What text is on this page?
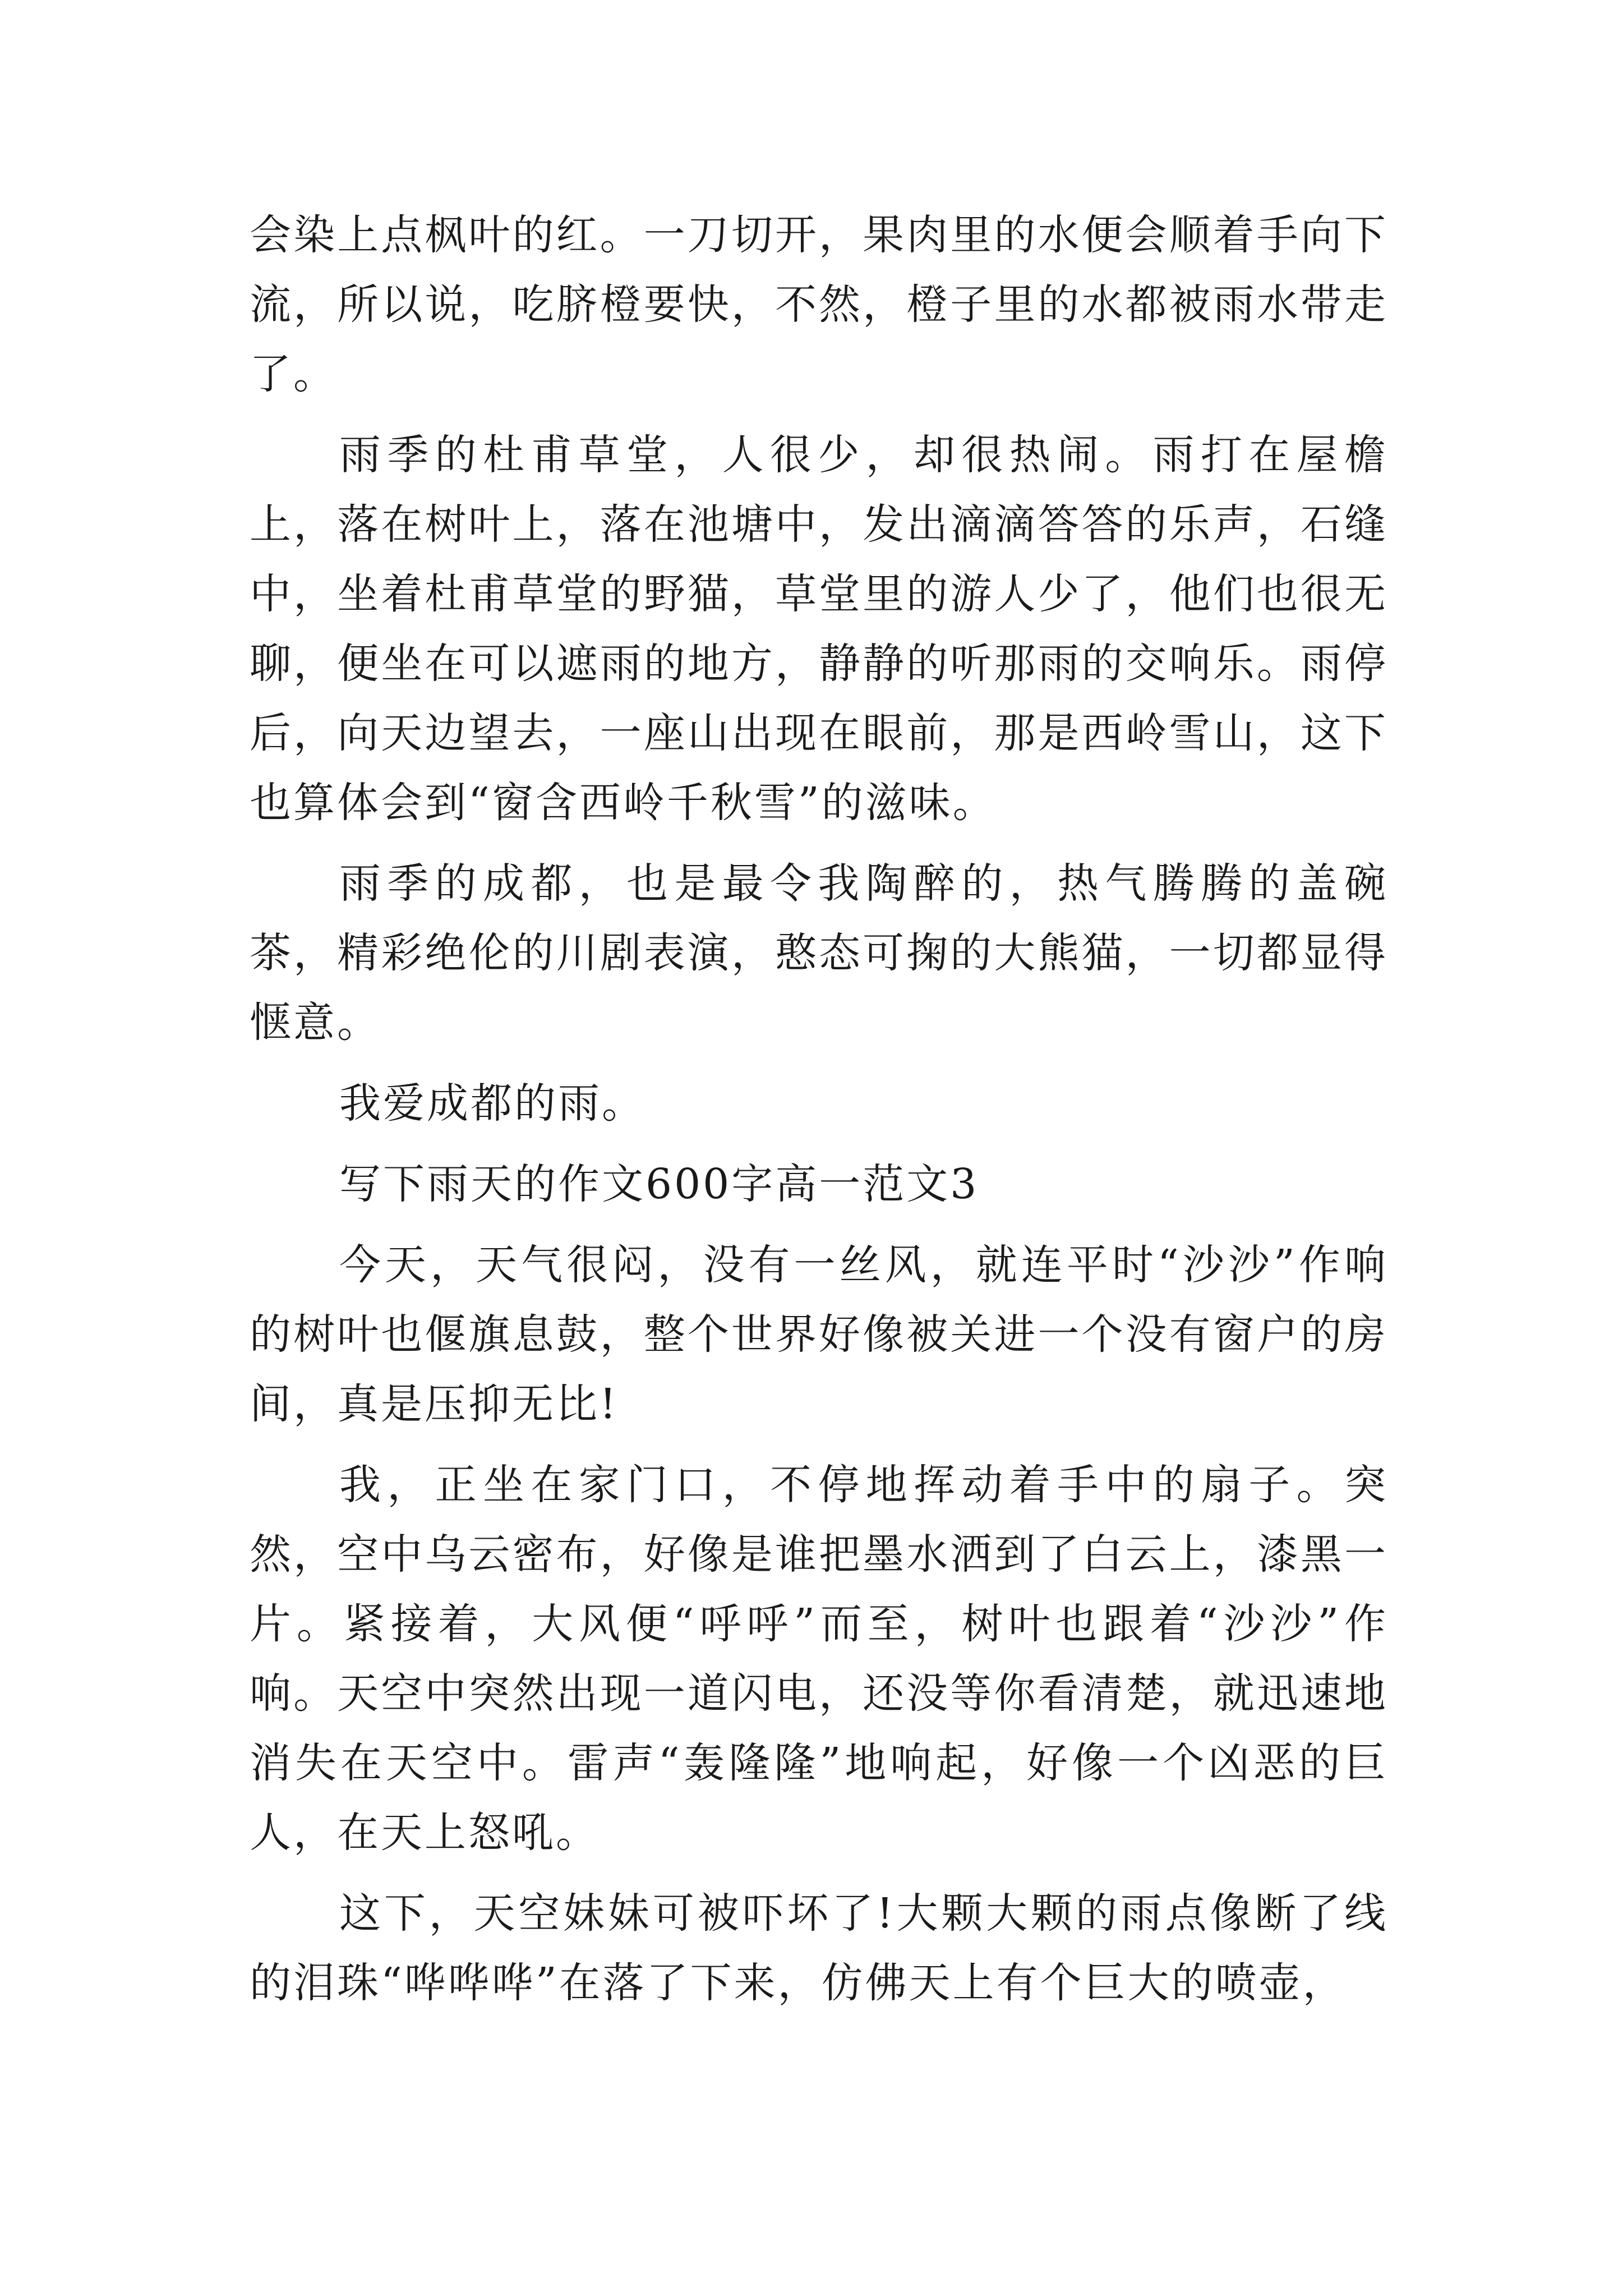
会染上点枫叶的红。一刀切开，果肉里的水便会顺着手向下流，所以说，吃脐橙要快，不然，橙子里的水都被雨水带走了。

雨季的杜甫草堂，人很少，却很热闹。雨打在屋檐上，落在树叶上，落在池塘中，发出滴滴答答的乐声，石缝中，坐着杜甫草堂的野猫，草堂里的游人少了，他们也很无聊，便坐在可以遮雨的地方，静静的听那雨的交响乐。雨停后，向天边望去，一座山出现在眼前，那是西岭雪山，这下也算体会到“窗含西岭千秋雪”的滋味。

雨季的成都，也是最令我陶醉的，热气腾腾的盖碗茶，精彩绝伦的川剧表演，憨态可掬的大熊猫，一切都显得惬意。

我爱成都的雨。

写下雨天的作文600字高一范文3

今天，天气很闷，没有一丝风，就连平时“沙沙”作响的树叶也偃旗息鼓，整个世界好像被关进一个没有窗户的房间，真是压抑无比!

我，正坐在家门口，不停地挥动着手中的扇子。突然，空中乌云密布，好像是谁把墨水洒到了白云上，漆黑一片。紧接着，大风便“呼呼”而至，树叶也跟着“沙沙”作响。天空中突然出现一道闪电，还没等你看清楚，就迅速地消失在天空中。雷声“轰隆隆”地响起，好像一个凶恶的巨人，在天上怒吼。

这下，天空妹妹可被吓坏了!大颗大颗的雨点像断了线的泪珠“哗哗哗”在落了下来，仿佛天上有个巨大的喷壶，
